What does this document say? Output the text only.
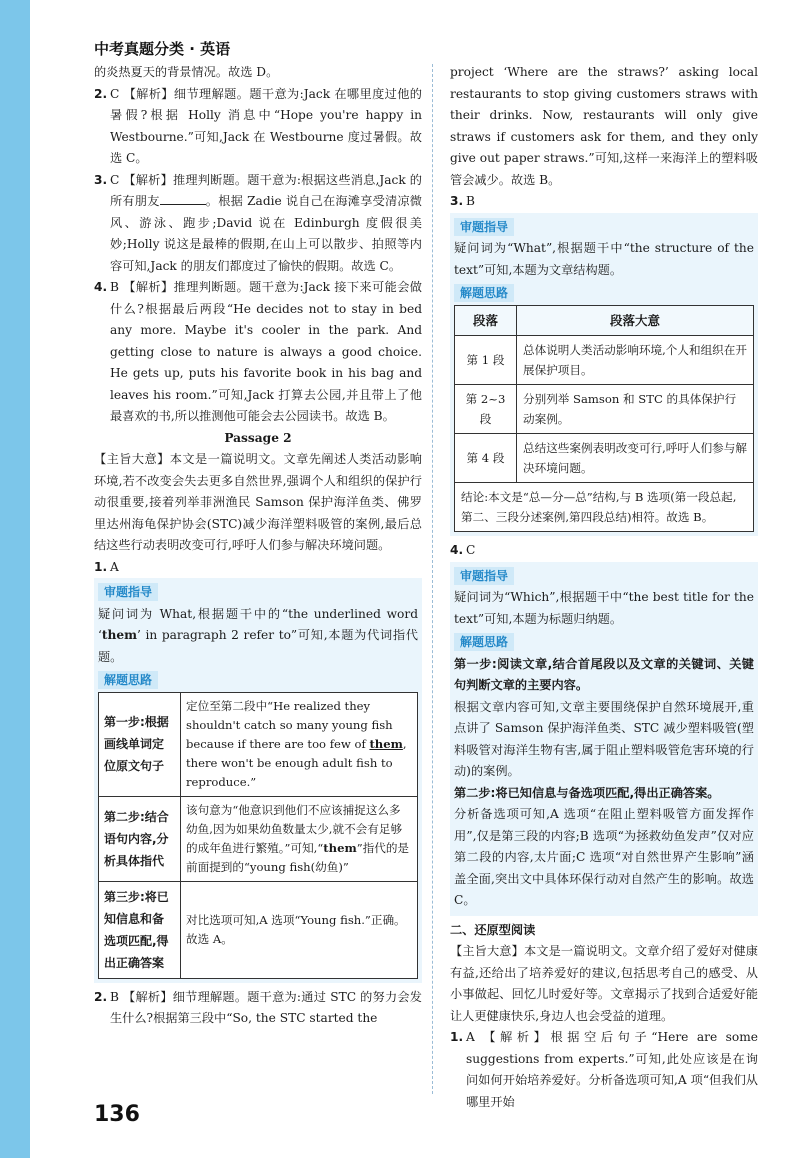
中考真题分类 · 英语

的炎热夏天的背景情况。故选 D。

2. C 【解析】细节理解题。题干意为:Jack 在哪里度过他的暑假?根据 Holly 消息中“Hope you're happy in Westbourne.”可知,Jack 在 Westbourne 度过暑假。故选 C。

3. C 【解析】推理判断题。题干意为:根据这些消息,Jack 的所有朋友	。根据 Zadie 说自己在海滩享受清凉微风、游泳、跑步;David 说在 Edinburgh 度假很美妙;Holly 说这是最棒的假期,在山上可以散步、拍照等内容可知,Jack 的朋友们都度过了愉快的假期。故选 C。

4. B 【解析】推理判断题。题干意为:Jack 接下来可能会做什么?根据最后两段“He decides not to stay in bed any more. Maybe it's cooler in the park. And getting close to nature is always a good choice. He gets up, puts his favorite book in his bag and leaves his room.”可知,Jack 打算去公园,并且带上了他最喜欢的书,所以推测他可能会去公园读书。故选 B。

Passage 2

【主旨大意】本文是一篇说明文。文章先阐述人类活动影响环境,若不改变会失去更多自然世界,强调个人和组织的保护行动很重要,接着列举菲洲渔民 Samson 保护海洋鱼类、佛罗里达州海龟保护协会(STC)减少海洋塑料吸管的案例,最后总结这些行动表明改变可行,呼吁人们参与解决环境问题。

1. A
审题指导

疑问词为 What,根据题干中的“the underlined word ‘them’ in paragraph 2 refer to”可知,本题为代词指代题。

解题思路
第一步:根据画线单词定位原文句子	定位至第二段中“He realized they shouldn't catch so many young fish because if there are too few of them, there won't be enough adult fish to reproduce.”
第二步:结合语句内容,分析具体指代	该句意为“他意识到他们不应该捕捉这么多幼鱼,因为如果幼鱼数量太少,就不会有足够的成年鱼进行繁殖。”可知,“them”指代的是前面提到的“young fish(幼鱼)”
第三步:将已知信息和备选项匹配,得出正确答案	对比选项可知,A 选项“Young fish.”正确。故选 A。
2. B 【解析】细节理解题。题干意为:通过 STC 的努力会发生什么?根据第三段中“So, the STC started the

project ‘Where are the straws?’ asking local restaurants to stop giving customers straws with their drinks. Now, restaurants will only give straws if customers ask for them, and they only give out paper straws.”可知,这样一来海洋上的塑料吸管会减少。故选 B。

3. B
审题指导

疑问词为“What”,根据题干中“the structure of the text”可知,本题为文章结构题。

解题思路
段落	段落大意
第 1 段	总体说明人类活动影响环境,个人和组织在开展保护项目。
第 2~3 段	分别列举 Samson 和 STC 的具体保护行动案例。
第 4 段	总结这些案例表明改变可行,呼吁人们参与解决环境问题。
结论:本文是“总—分—总”结构,与 B 选项(第一段总起,第二、三段分述案例,第四段总结)相符。故选 B。	
4. C
审题指导

疑问词为“Which”,根据题干中“the best title for the text”可知,本题为标题归纳题。

解题思路

第一步:阅读文章,结合首尾段以及文章的关键词、关键句判断文章的主要内容。

根据文章内容可知,文章主要围绕保护自然环境展开,重点讲了 Samson 保护海洋鱼类、STC 减少塑料吸管(塑料吸管对海洋生物有害,属于阻止塑料吸管危害环境的行动)的案例。

第二步:将已知信息与备选项匹配,得出正确答案。

分析备选项可知,A 选项“在阻止塑料吸管方面发挥作用”,仅是第三段的内容;B 选项“为拯救幼鱼发声”仅对应第二段的内容,太片面;C 选项“对自然世界产生影响”涵盖全面,突出文中具体环保行动对自然产生的影响。故选 C。

二、还原型阅读

【主旨大意】本文是一篇说明文。文章介绍了爱好对健康有益,还给出了培养爱好的建议,包括思考自己的感受、从小事做起、回忆儿时爱好等。文章揭示了找到合适爱好能让人更健康快乐,身边人也会受益的道理。

1. A 【解析】根据空后句子“Here are some suggestions from experts.”可知,此处应该是在询问如何开始培养爱好。分析备选项可知,A 项“但我们从哪里开始

136
